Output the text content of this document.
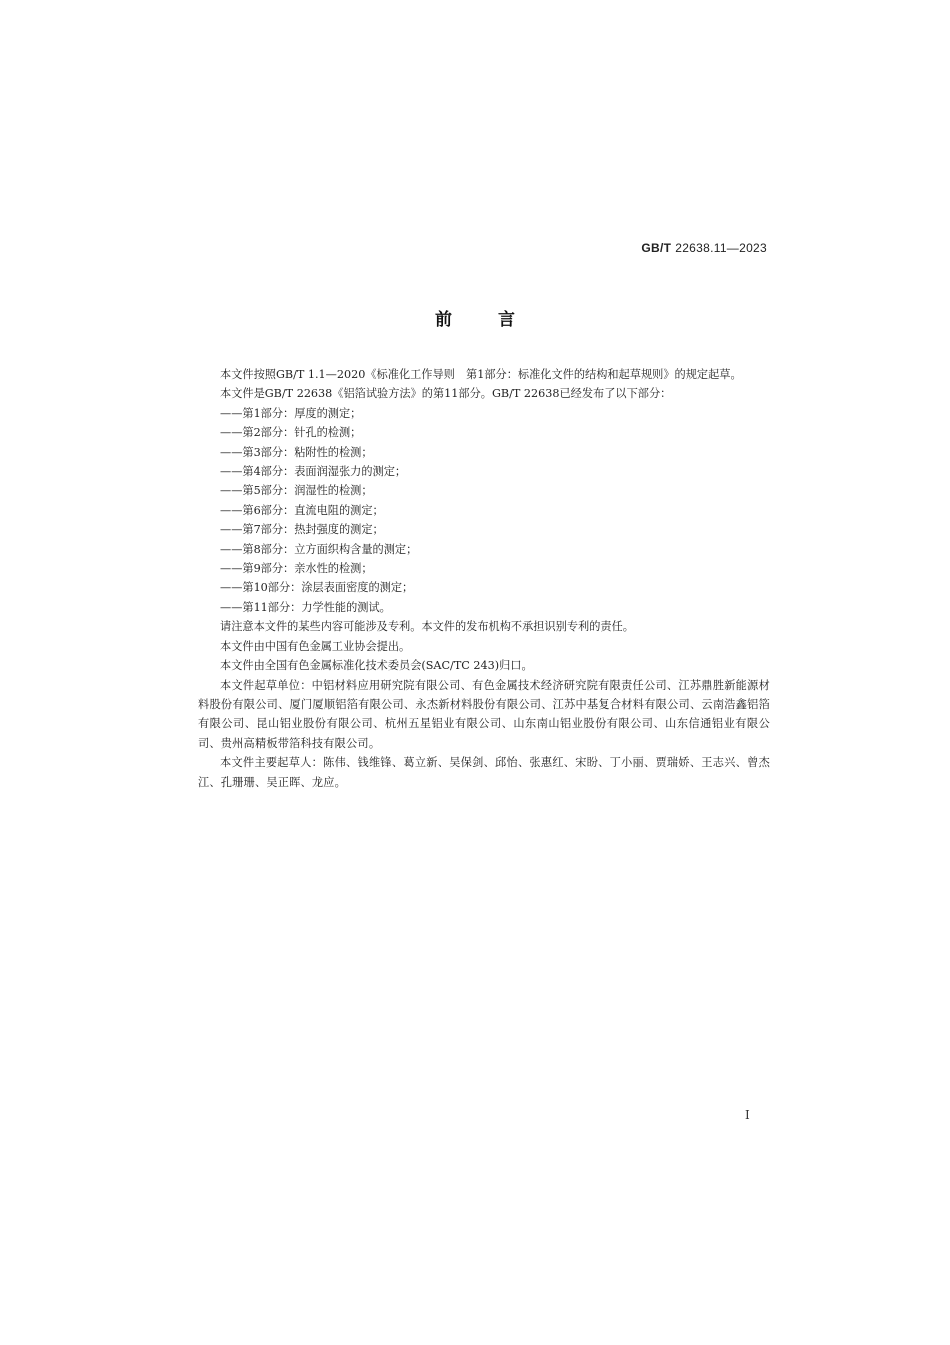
GB/T 22638.11—2023
前言

本文件按照GB/T 1.1—2020《标准化工作导则　第1部分：标准化文件的结构和起草规则》的规定起草。

本文件是GB/T 22638《铝箔试验方法》的第11部分。GB/T 22638已经发布了以下部分：

——第1部分：厚度的测定；
——第2部分：针孔的检测；
——第3部分：粘附性的检测；
——第4部分：表面润湿张力的测定；
——第5部分：润湿性的检测；
——第6部分：直流电阻的测定；
——第7部分：热封强度的测定；
——第8部分：立方面织构含量的测定；
——第9部分：亲水性的检测；
——第10部分：涂层表面密度的测定；
——第11部分：力学性能的测试。

请注意本文件的某些内容可能涉及专利。本文件的发布机构不承担识别专利的责任。

本文件由中国有色金属工业协会提出。

本文件由全国有色金属标准化技术委员会(SAC/TC 243)归口。

本文件起草单位：中铝材料应用研究院有限公司、有色金属技术经济研究院有限责任公司、江苏鼎胜新能源材料股份有限公司、厦门厦顺铝箔有限公司、永杰新材料股份有限公司、江苏中基复合材料有限公司、云南浩鑫铝箔有限公司、昆山铝业股份有限公司、杭州五星铝业有限公司、山东南山铝业股份有限公司、山东信通铝业有限公司、贵州高精板带箔科技有限公司。

本文件主要起草人：陈伟、钱维锋、葛立新、吴保剑、邱怡、张惠红、宋盼、丁小丽、贾瑞娇、王志兴、曾杰江、孔珊珊、吴正晖、龙应。

I
